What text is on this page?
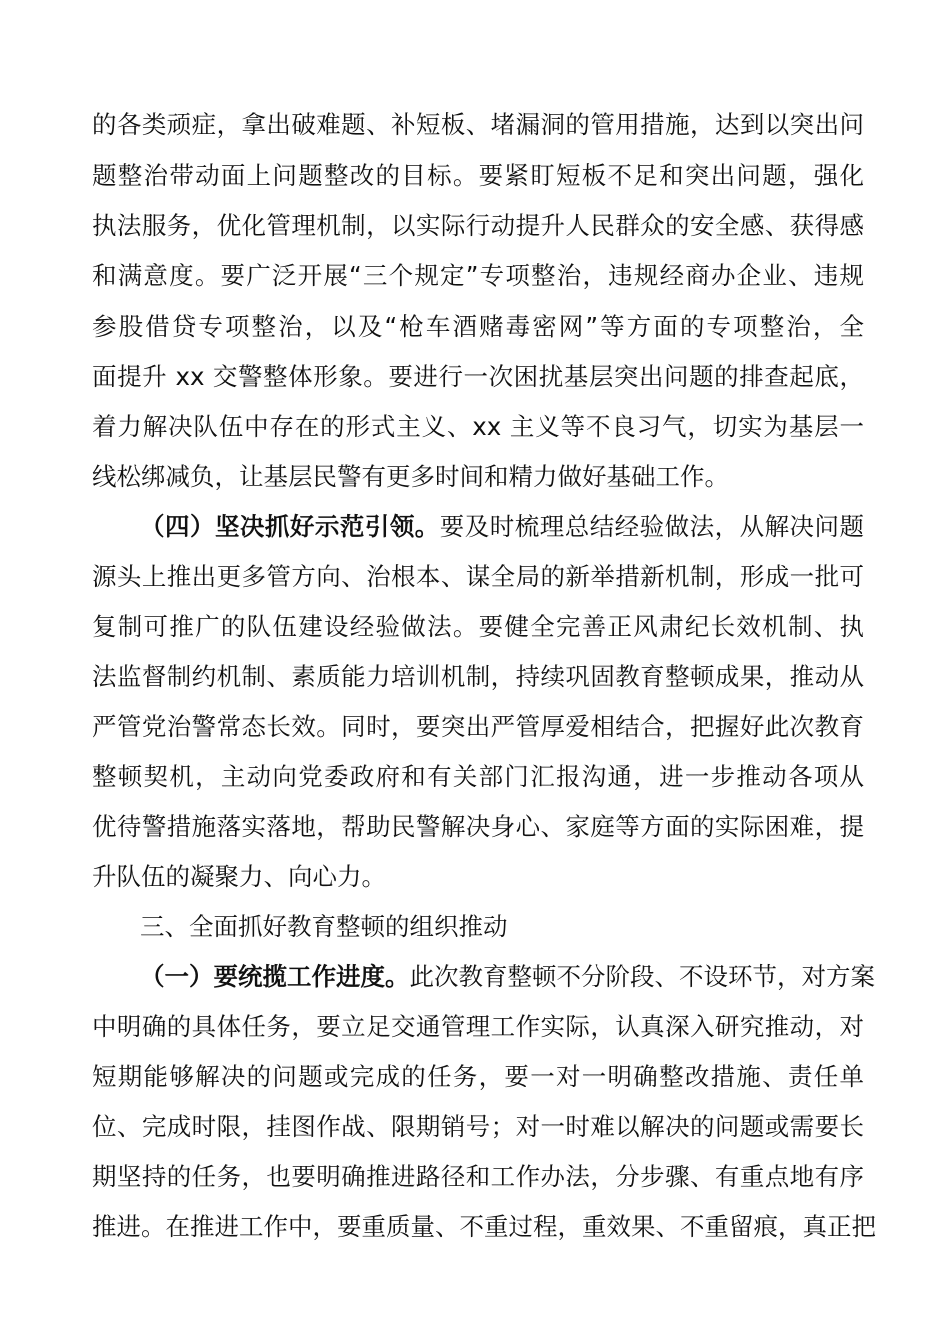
的各类顽症，拿出破难题、补短板、堵漏洞的管用措施，达到以突出问
题整治带动面上问题整改的目标。要紧盯短板不足和突出问题，强化
执法服务，优化管理机制，以实际行动提升人民群众的安全感、获得感
和满意度。要广泛开展“三个规定”专项整治，违规经商办企业、违规
参股借贷专项整治，以及“枪车酒赌毒密网”等方面的专项整治，全
面提升 xx 交警整体形象。要进行一次困扰基层突出问题的排查起底，
着力解决队伍中存在的形式主义、xx 主义等不良习气，切实为基层一
线松绑减负，让基层民警有更多时间和精力做好基础工作。
（四）坚决抓好示范引领。要及时梳理总结经验做法，从解决问题
源头上推出更多管方向、治根本、谋全局的新举措新机制，形成一批可
复制可推广的队伍建设经验做法。要健全完善正风肃纪长效机制、执
法监督制约机制、素质能力培训机制，持续巩固教育整顿成果，推动从
严管党治警常态长效。同时，要突出严管厚爱相结合，把握好此次教育
整顿契机，主动向党委政府和有关部门汇报沟通，进一步推动各项从
优待警措施落实落地，帮助民警解决身心、家庭等方面的实际困难，提
升队伍的凝聚力、向心力。
三、全面抓好教育整顿的组织推动
（一）要统揽工作进度。此次教育整顿不分阶段、不设环节，对方案
中明确的具体任务，要立足交通管理工作实际，认真深入研究推动，对
短期能够解决的问题或完成的任务，要一对一明确整改措施、责任单
位、完成时限，挂图作战、限期销号；对一时难以解决的问题或需要长
期坚持的任务，也要明确推进路径和工作办法，分步骤、有重点地有序
推进。在推进工作中，要重质量、不重过程，重效果、不重留痕，真正把
